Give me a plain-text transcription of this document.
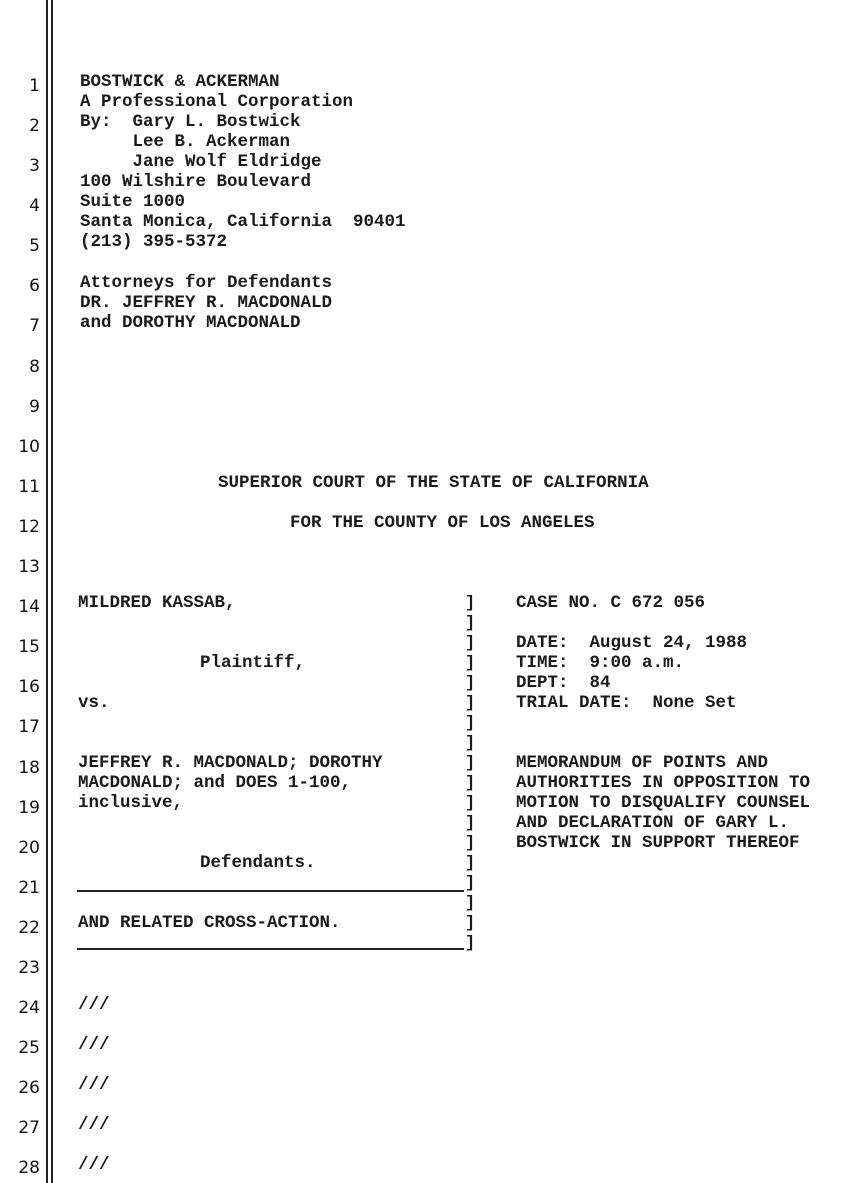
1
2
3
4
5
6
7
8
9
10
11
12
13
14
15
16
17
18
19
20
21
22
23
24
25
26
27
28
BOSTWICK & ACKERMAN
A Professional Corporation
By:  Gary L. Bostwick
Lee B. Ackerman
Jane Wolf Eldridge
100 Wilshire Boulevard
Suite 1000
Santa Monica, California  90401
(213) 395-5372
Attorneys for Defendants
DR. JEFFREY R. MACDONALD
and DOROTHY MACDONALD
SUPERIOR COURT OF THE STATE OF CALIFORNIA
FOR THE COUNTY OF LOS ANGELES
MILDRED KASSAB,
Plaintiff,
vs.
JEFFREY R. MACDONALD; DOROTHY
MACDONALD; and DOES 1-100,
inclusive,
Defendants.
AND RELATED CROSS-ACTION.
]
]
]
]
]
]
]
]
]
]
]
]
]
]
]
]
]
]
CASE NO. C 672 056
DATE:  August 24, 1988
TIME:  9:00 a.m.
DEPT:  84
TRIAL DATE:  None Set
MEMORANDUM OF POINTS AND
AUTHORITIES IN OPPOSITION TO
MOTION TO DISQUALIFY COUNSEL
AND DECLARATION OF GARY L.
BOSTWICK IN SUPPORT THEREOF
///
///
///
///
///
